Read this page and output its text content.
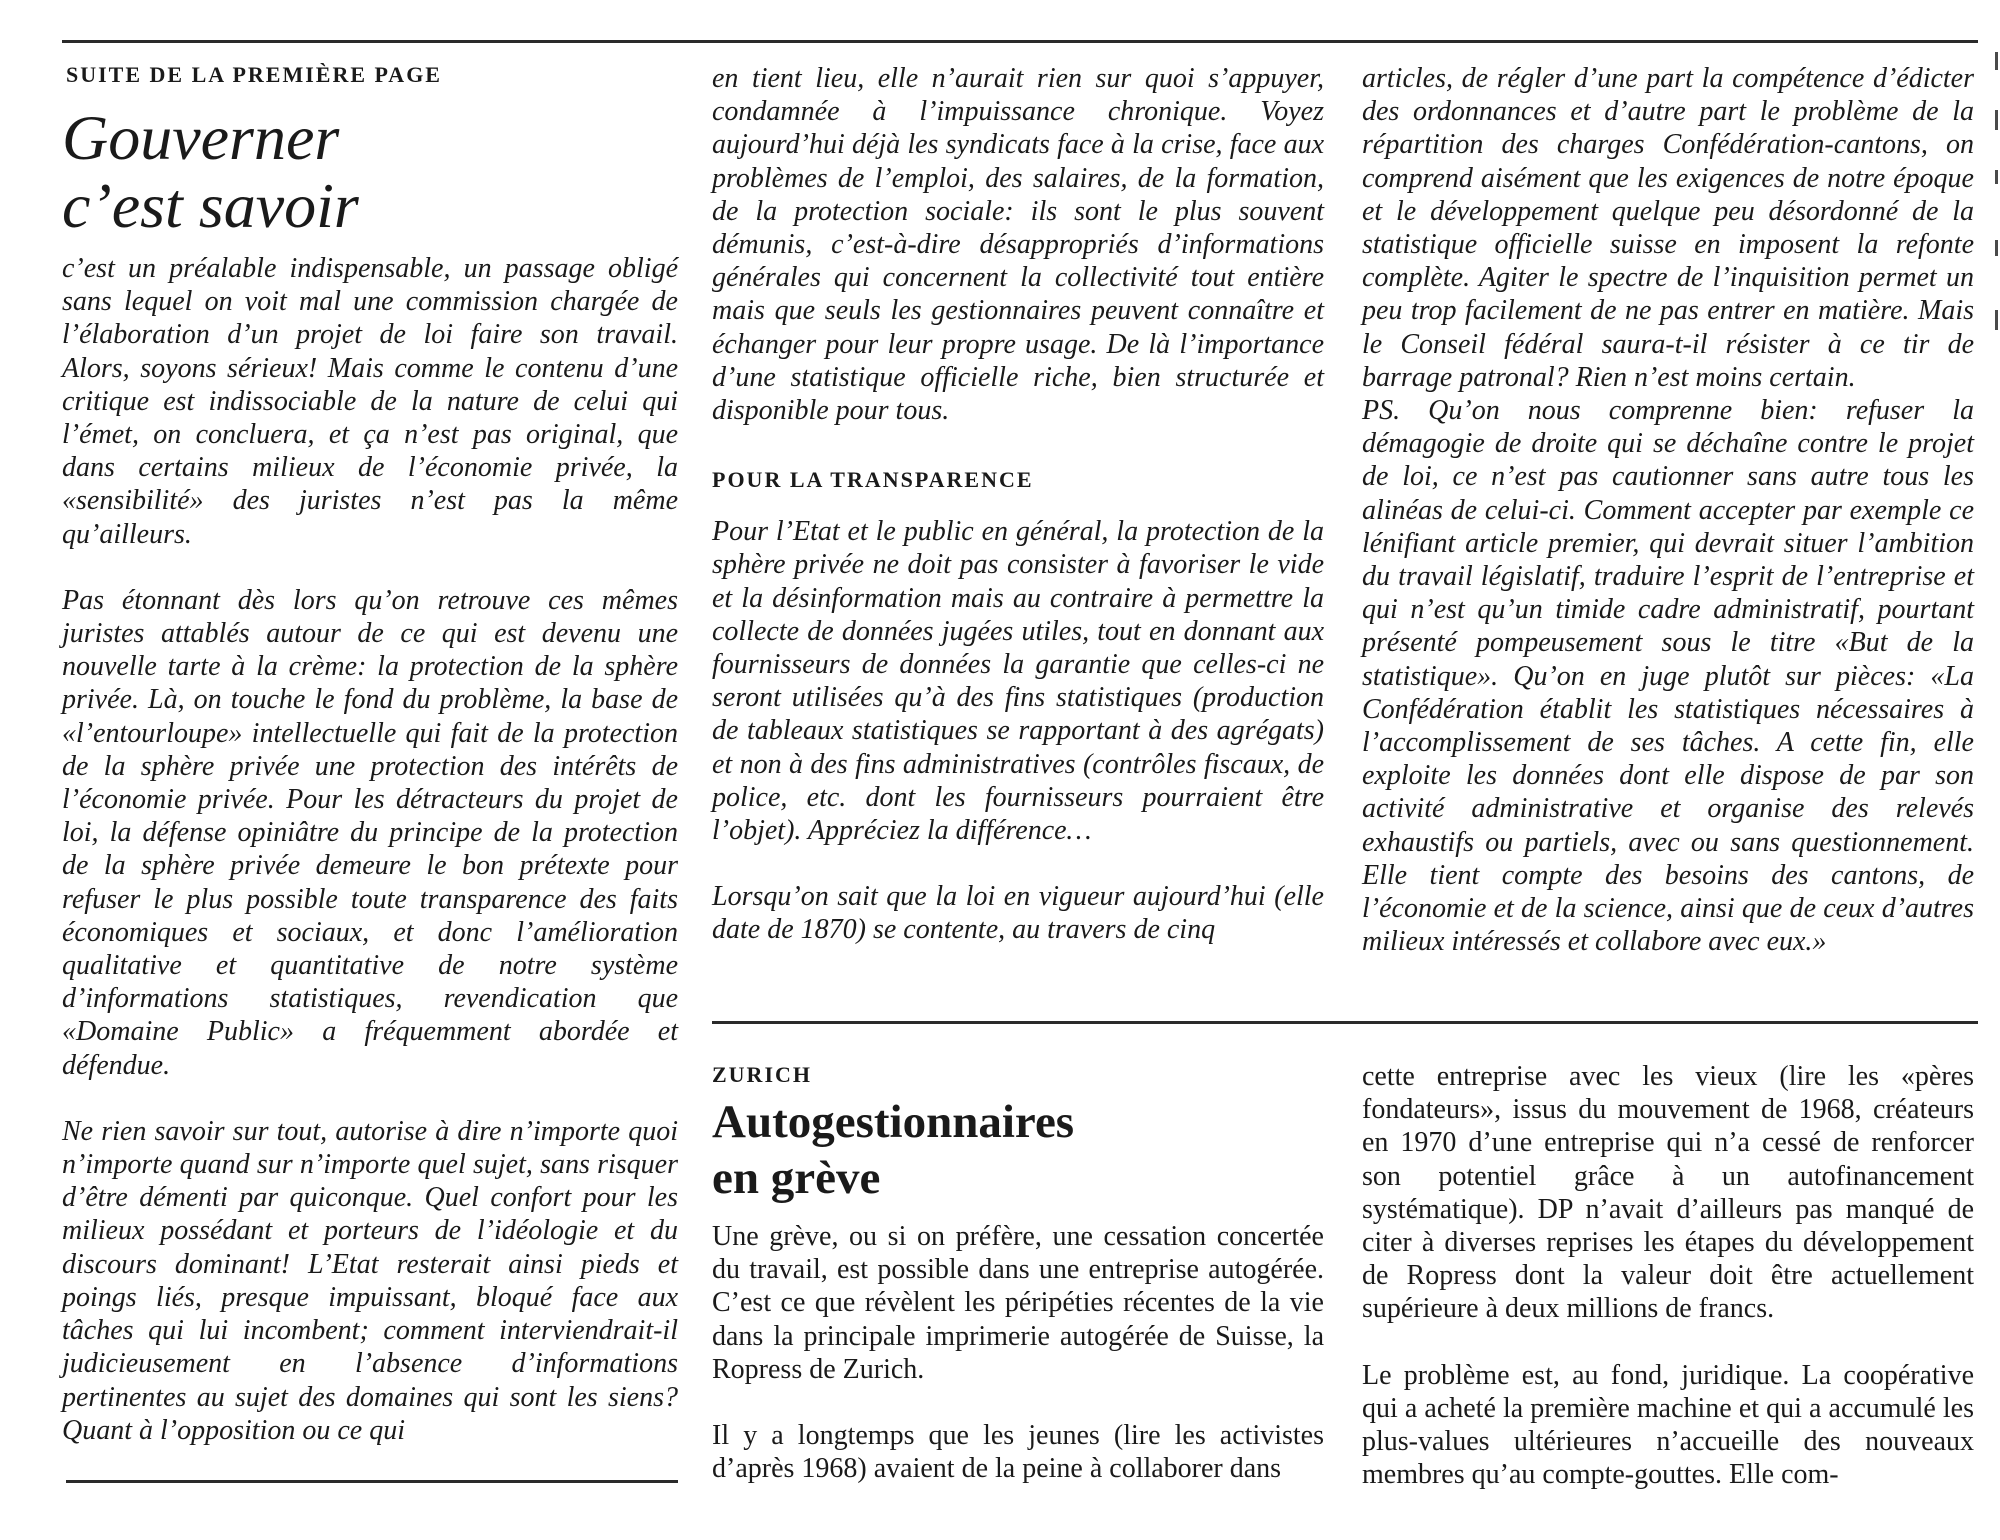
SUITE DE LA PREMIÈRE PAGE
Gouverner
c’est savoir

c’est un préalable indispensable, un passage obligé sans lequel on voit mal une commission chargée de l’élaboration d’un projet de loi faire son travail. Alors, soyons sérieux! Mais comme le contenu d’une critique est indissociable de la nature de celui qui l’émet, on concluera, et ça n’est pas original, que dans certains milieux de l’économie privée, la «sensibilité» des juristes n’est pas la même qu’ailleurs.

Pas étonnant dès lors qu’on retrouve ces mêmes juristes attablés autour de ce qui est devenu une nouvelle tarte à la crème: la protection de la sphère privée. Là, on touche le fond du problème, la base de «l’entourloupe» intellectuelle qui fait de la protection de la sphère privée une protection des intérêts de l’économie privée. Pour les détracteurs du projet de loi, la défense opiniâtre du principe de la protection de la sphère privée demeure le bon prétexte pour refuser le plus possible toute transparence des faits économiques et sociaux, et donc l’amélioration qualitative et quantitative de notre système d’informations statistiques, revendication que «Domaine Public» a fréquemment abordée et défendue.

Ne rien savoir sur tout, autorise à dire n’importe quoi n’importe quand sur n’importe quel sujet, sans risquer d’être démenti par quiconque. Quel confort pour les milieux possédant et porteurs de l’idéologie et du discours dominant! L’Etat resterait ainsi pieds et poings liés, presque impuissant, bloqué face aux tâches qui lui incombent; comment interviendrait-il judicieusement en l’absence d’informations pertinentes au sujet des domaines qui sont les siens? Quant à l’opposition ou ce qui

en tient lieu, elle n’aurait rien sur quoi s’appuyer, condamnée à l’impuissance chronique. Voyez aujourd’hui déjà les syndicats face à la crise, face aux problèmes de l’emploi, des salaires, de la formation, de la protection sociale: ils sont le plus souvent démunis, c’est-à-dire désappropriés d’informations générales qui concernent la collectivité tout entière mais que seuls les gestionnaires peuvent connaître et échanger pour leur propre usage. De là l’importance d’une statistique officielle riche, bien structurée et disponible pour tous.

POUR LA TRANSPARENCE

Pour l’Etat et le public en général, la protection de la sphère privée ne doit pas consister à favoriser le vide et la désinformation mais au contraire à permettre la collecte de données jugées utiles, tout en donnant aux fournisseurs de données la garantie que celles-ci ne seront utilisées qu’à des fins statistiques (production de tableaux statistiques se rapportant à des agrégats) et non à des fins administratives (contrôles fiscaux, de police, etc. dont les fournisseurs pourraient être l’objet). Appréciez la différence…

Lorsqu’on sait que la loi en vigueur aujourd’hui (elle date de 1870) se contente, au travers de cinq

articles, de régler d’une part la compétence d’édicter des ordonnances et d’autre part le problème de la répartition des charges Confédération-cantons, on comprend aisément que les exigences de notre époque et le développement quelque peu désordonné de la statistique officielle suisse en imposent la refonte complète. Agiter le spectre de l’inquisition permet un peu trop facilement de ne pas entrer en matière. Mais le Conseil fédéral saura-t-il résister à ce tir de barrage patronal? Rien n’est moins certain.

PS. Qu’on nous comprenne bien: refuser la démagogie de droite qui se déchaîne contre le projet de loi, ce n’est pas cautionner sans autre tous les alinéas de celui-ci. Comment accepter par exemple ce lénifiant article premier, qui devrait situer l’ambition du travail législatif, traduire l’esprit de l’entreprise et qui n’est qu’un timide cadre administratif, pourtant présenté pompeusement sous le titre «But de la statistique». Qu’on en juge plutôt sur pièces: «La Confédération établit les statistiques nécessaires à l’accomplissement de ses tâches. A cette fin, elle exploite les données dont elle dispose de par son activité administrative et organise des relevés exhaustifs ou partiels, avec ou sans questionnement. Elle tient compte des besoins des cantons, de l’économie et de la science, ainsi que de ceux d’autres milieux intéressés et collabore avec eux.»

ZURICH
Autogestionnaires
en grève

Une grève, ou si on préfère, une cessation concertée du travail, est possible dans une entreprise autogérée. C’est ce que révèlent les péripéties récentes de la vie dans la principale imprimerie autogérée de Suisse, la Ropress de Zurich.

Il y a longtemps que les jeunes (lire les activistes d’après 1968) avaient de la peine à collaborer dans

cette entreprise avec les vieux (lire les «pères fondateurs», issus du mouvement de 1968, créateurs en 1970 d’une entreprise qui n’a cessé de renforcer son potentiel grâce à un autofinancement systématique). DP n’avait d’ailleurs pas manqué de citer à diverses reprises les étapes du développement de Ropress dont la valeur doit être actuellement supérieure à deux millions de francs.

Le problème est, au fond, juridique. La coopérative qui a acheté la première machine et qui a accumulé les plus-values ultérieures n’accueille des nouveaux membres qu’au compte-gouttes. Elle com-
